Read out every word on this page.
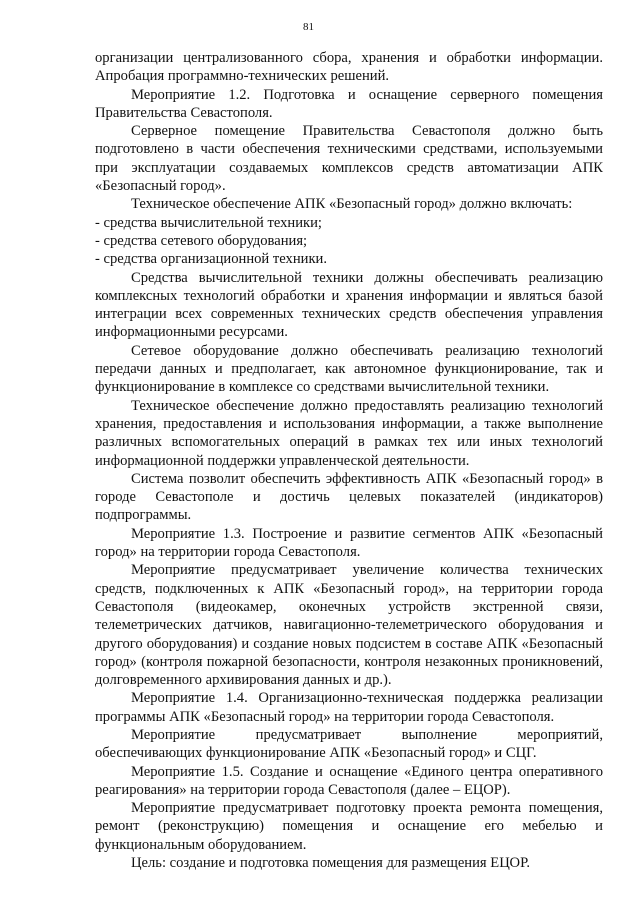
81

организации централизованного сбора, хранения и обработки информации. Апробация программно-технических решений.

Мероприятие 1.2. Подготовка и оснащение серверного помещения Правительства Севастополя.

Серверное помещение Правительства Севастополя должно быть подготовлено в части обеспечения техническими средствами, используемыми при эксплуатации создаваемых комплексов средств автоматизации АПК «Безопасный город».

Техническое обеспечение АПК «Безопасный город» должно включать:

- средства вычислительной техники;

- средства сетевого оборудования;

- средства организационной техники.

Средства вычислительной техники должны обеспечивать реализацию комплексных технологий обработки и хранения информации и являться базой интеграции всех современных технических средств обеспечения управления информационными ресурсами.

Сетевое оборудование должно обеспечивать реализацию технологий передачи данных и предполагает, как автономное функционирование, так и функционирование в комплексе со средствами вычислительной техники.

Техническое обеспечение должно предоставлять реализацию технологий хранения, предоставления и использования информации, а также выполнение различных вспомогательных операций в рамках тех или иных технологий информационной поддержки управленческой деятельности.

Система позволит обеспечить эффективность АПК «Безопасный город» в городе Севастополе и достичь целевых показателей (индикаторов) подпрограммы.

Мероприятие 1.3. Построение и развитие сегментов АПК «Безопасный город» на территории города Севастополя.

Мероприятие предусматривает увеличение количества технических средств, подключенных к АПК «Безопасный город», на территории города Севастополя (видеокамер, оконечных устройств экстренной связи, телеметрических датчиков, навигационно-телеметрического оборудования и другого оборудования) и создание новых подсистем в составе АПК «Безопасный город» (контроля пожарной безопасности, контроля незаконных проникновений, долговременного архивирования данных и др.).

Мероприятие 1.4. Организационно-техническая поддержка реализации программы АПК «Безопасный город» на территории города Севастополя.

Мероприятие предусматривает выполнение мероприятий, обеспечивающих функционирование АПК «Безопасный город» и СЦГ.

Мероприятие 1.5. Создание и оснащение «Единого центра оперативного реагирования» на территории города Севастополя (далее – ЕЦОР).

Мероприятие предусматривает подготовку проекта ремонта помещения, ремонт (реконструкцию) помещения и оснащение его мебелью и функциональным оборудованием.

Цель: создание и подготовка помещения для размещения ЕЦОР.
